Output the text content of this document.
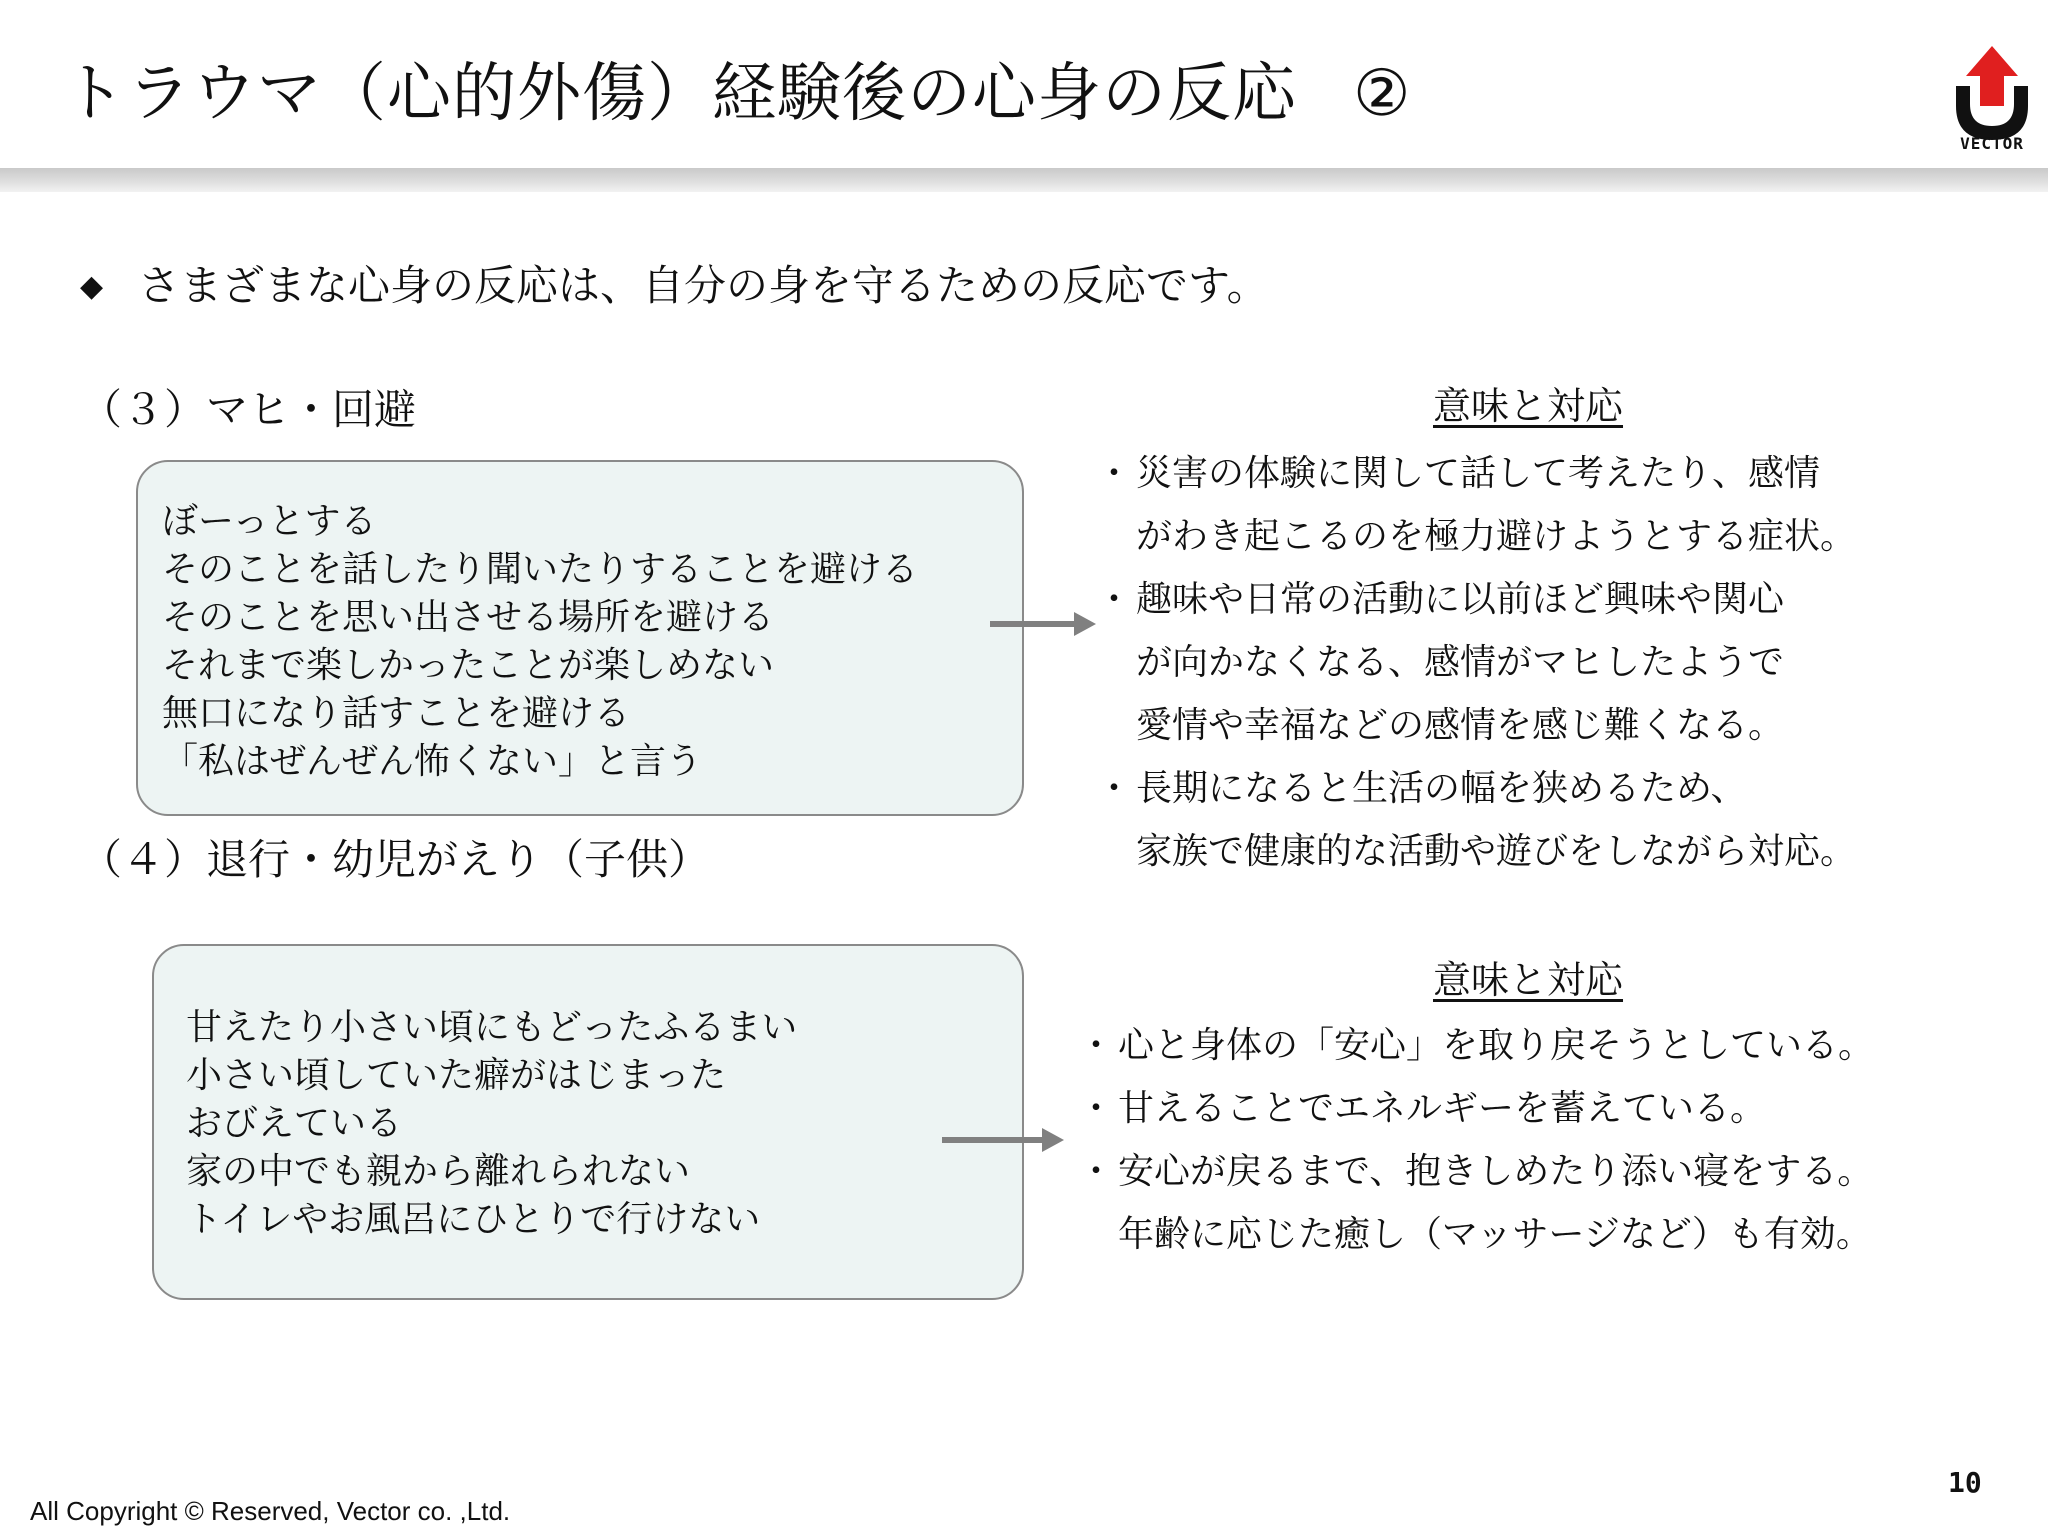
トラウマ（心的外傷）経験後の心身の反応 ②
VECTOR
◆ さまざまな心身の反応は、自分の身を守るための反応です。
（３）マヒ・回避
ぼーっとする
そのことを話したり聞いたりすることを避ける
そのことを思い出させる場所を避ける
それまで楽しかったことが楽しめない
無口になり話すことを避ける
「私はぜんぜん怖くない」と言う
意味と対応
・ 災害の体験に関して話して考えたり、感情
がわき起こるのを極力避けようとする症状。
・ 趣味や日常の活動に以前ほど興味や関心
が向かなくなる、感情がマヒしたようで
愛情や幸福などの感情を感じ難くなる。
・ 長期になると生活の幅を狭めるため、
家族で健康的な活動や遊びをしながら対応。
（４）退行・幼児がえり（子供）
甘えたり小さい頃にもどったふるまい
小さい頃していた癖がはじまった
おびえている
家の中でも親から離れられない
トイレやお風呂にひとりで行けない
意味と対応
・ 心と身体の「安心」を取り戻そうとしている。
・ 甘えることでエネルギーを蓄えている。
・ 安心が戻るまで、抱きしめたり添い寝をする。
年齢に応じた癒し（マッサージなど）も有効。
All Copyright © Reserved, Vector co. ,Ltd.
10
